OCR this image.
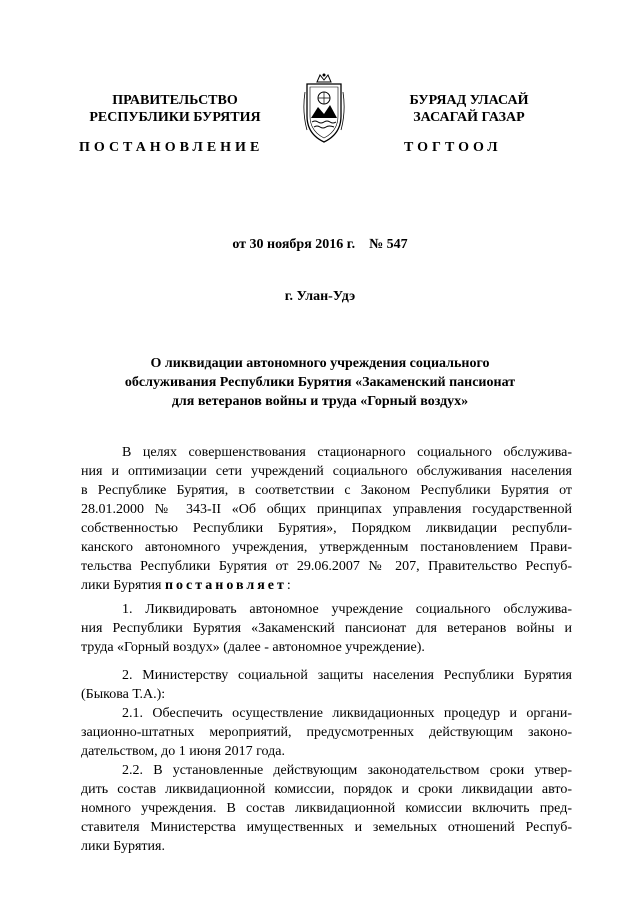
ПРАВИТЕЛЬСТВО
РЕСПУБЛИКИ БУРЯТИЯ
БУРЯАД УЛАСАЙ
ЗАСАГАЙ ГАЗАР
ПОСТАНОВЛЕНИЕ	ТОГТООЛ
от 30 ноября 2016 г.    № 547
г. Улан-Удэ
О ликвидации автономного учреждения социального
обслуживания Республики Бурятия «Закаменский пансионат
для ветеранов войны и труда «Горный воздух»
В целях совершенствования стационарного социального обслужива-
ния и оптимизации сети учреждений социального обслуживания населения
в Республике Бурятия, в соответствии с Законом Республики Бурятия от
28.01.2000 № 343-II «Об общих принципах управления государственной
собственностью Республики Бурятия», Порядком ликвидации республи-
канского автономного учреждения, утвержденным постановлением Прави-
тельства Республики Бурятия от 29.06.2007 № 207, Правительство Респуб-
лики Бурятия постановляет:
1. Ликвидировать автономное учреждение социального обслужива-
ния Республики Бурятия «Закаменский пансионат для ветеранов войны и
труда «Горный воздух» (далее - автономное учреждение).
2. Министерству социальной защиты населения Республики Бурятия
(Быкова Т.А.):
2.1. Обеспечить осуществление ликвидационных процедур и органи-
зационно-штатных мероприятий, предусмотренных действующим законо-
дательством, до 1 июня 2017 года.
2.2. В установленные действующим законодательством сроки утвер-
дить состав ликвидационной комиссии, порядок и сроки ликвидации авто-
номного учреждения. В состав ликвидационной комиссии включить пред-
ставителя Министерства имущественных и земельных отношений Респуб-
лики Бурятия.
